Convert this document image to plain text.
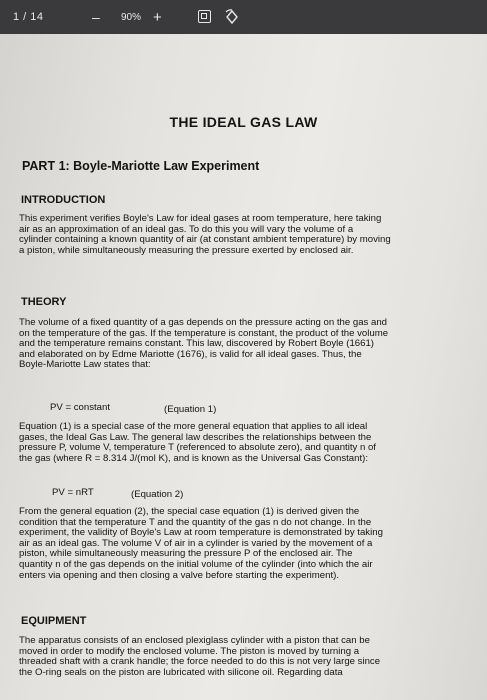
1 / 14	– 90% +
THE IDEAL GAS LAW
PART 1: Boyle-Mariotte Law Experiment
INTRODUCTION
This experiment verifies Boyle's Law for ideal gases at room temperature, here taking
air as an approximation of an ideal gas. To do this you will vary the volume of a
cylinder containing a known quantity of air (at constant ambient temperature) by moving
a piston, while simultaneously measuring the pressure exerted by enclosed air.
THEORY
The volume of a fixed quantity of a gas depends on the pressure acting on the gas and
on the temperature of the gas. If the temperature is constant, the product of the volume
and the temperature remains constant. This law, discovered by Robert Boyle (1661)
and elaborated on by Edme Mariotte (1676), is valid for all ideal gases. Thus, the
Boyle-Mariotte Law states that:
PV = constant	(Equation 1)
Equation (1) is a special case of the more general equation that applies to all ideal
gases, the Ideal Gas Law. The general law describes the relationships between the
pressure P, volume V, temperature T (referenced to absolute zero), and quantity n of
the gas (where R = 8.314 J/(mol K), and is known as the Universal Gas Constant):
PV = nRT	(Equation 2)
From the general equation (2), the special case equation (1) is derived given the
condition that the temperature T and the quantity of the gas n do not change. In the
experiment, the validity of Boyle's Law at room temperature is demonstrated by taking
air as an ideal gas. The volume V of air in a cylinder is varied by the movement of a
piston, while simultaneously measuring the pressure P of the enclosed air. The
quantity n of the gas depends on the initial volume of the cylinder (into which the air
enters via opening and then closing a valve before starting the experiment).
EQUIPMENT
The apparatus consists of an enclosed plexiglass cylinder with a piston that can be
moved in order to modify the enclosed volume. The piston is moved by turning a
threaded shaft with a crank handle; the force needed to do this is not very large since
the O-ring seals on the piston are lubricated with silicone oil. Regarding data
